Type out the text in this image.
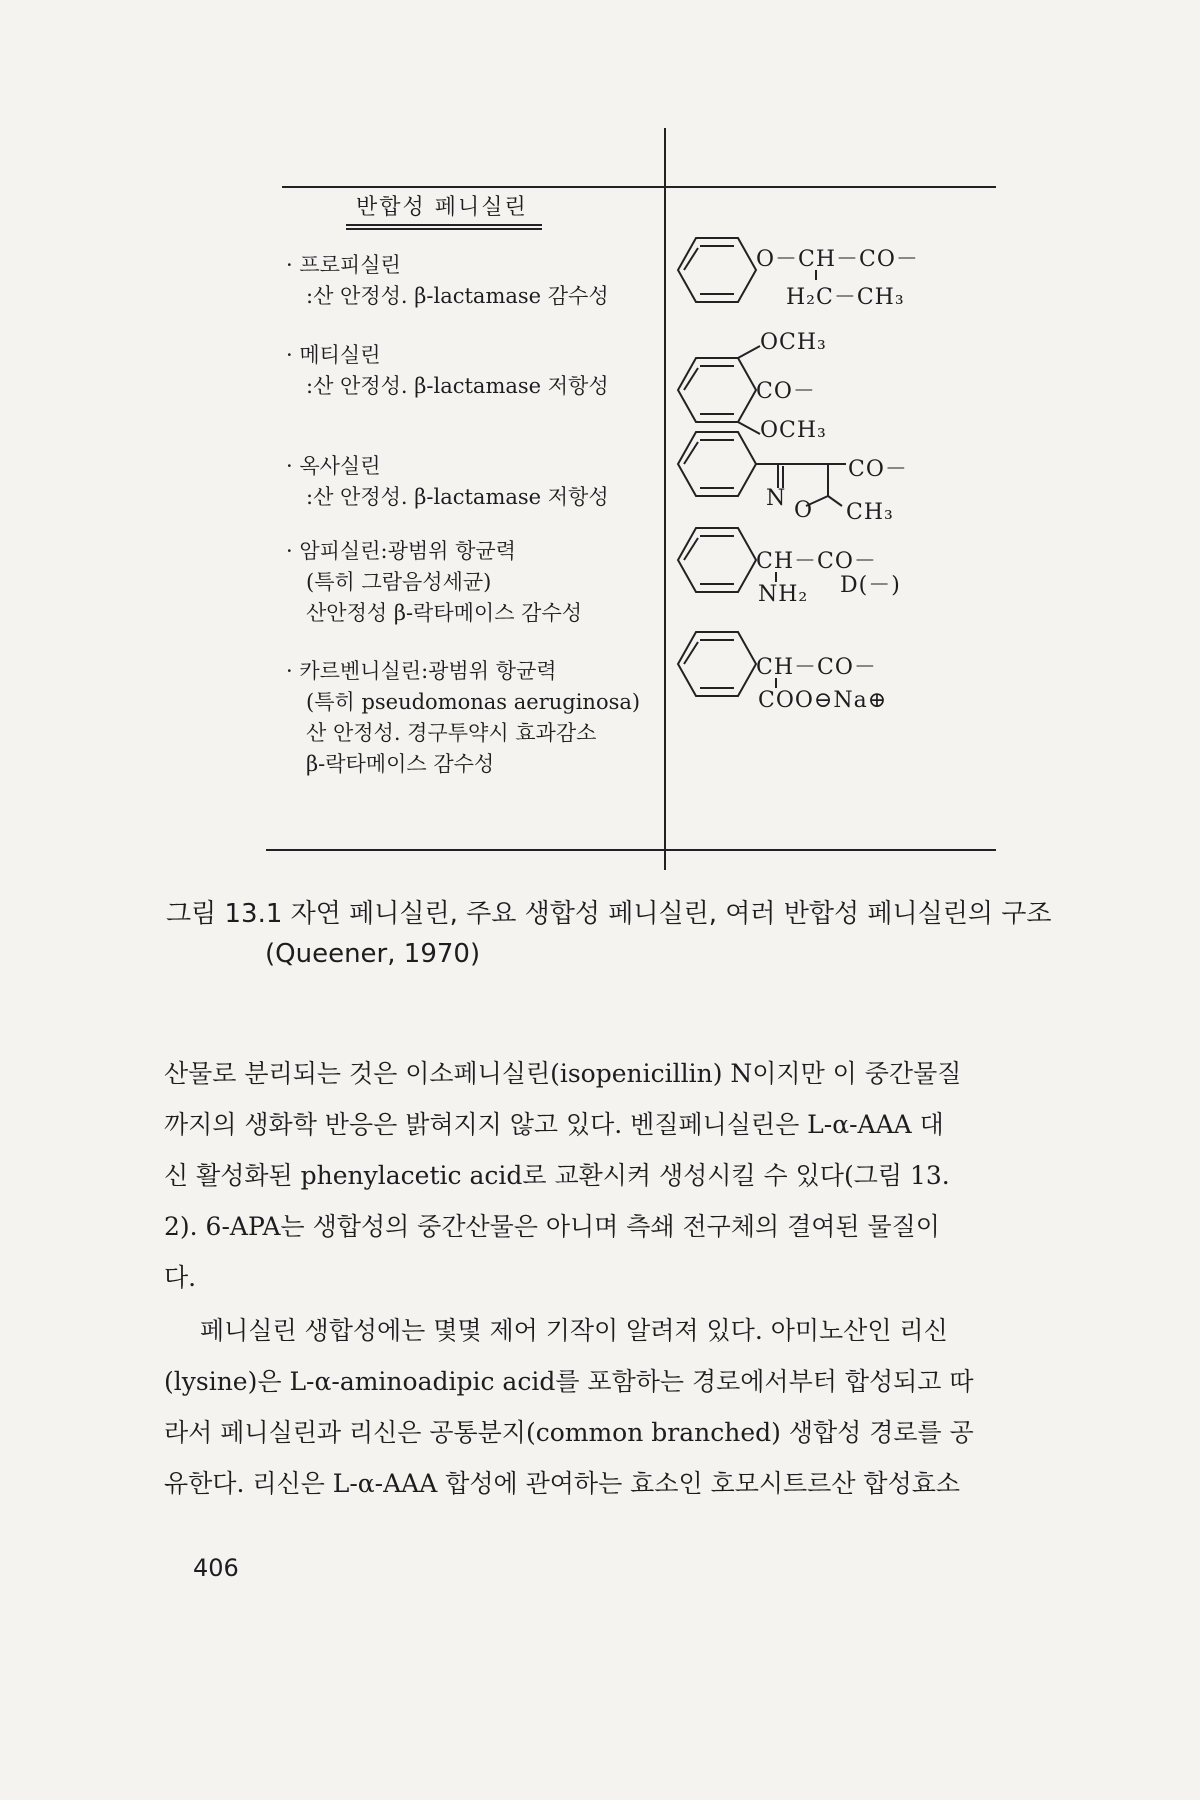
반합성 페니실린
· 프로피실린
:산 안정성. β-lactamase 감수성
· 메티실린
:산 안정성. β-lactamase 저항성
· 옥사실린
:산 안정성. β-lactamase 저항성
· 암피실린:광범위 항균력
(특히 그람음성세균)
산안정성 β-락타메이스 감수성
· 카르벤니실린:광범위 항균력
(특히 pseudomonas aeruginosa)
산 안정성. 경구투약시 효과감소
β-락타메이스 감수성
O－CH－CO－
H₂C－CH₃
OCH₃
CO－
OCH₃
CO－
N O CH₃
CH－CO－
NH₂ D(－)
CH－CO－
COO⊖Na⊕
그림 13.1 자연 페니실린, 주요 생합성 페니실린, 여러 반합성 페니실린의 구조
(Queener, 1970)
산물로 분리되는 것은 이소페니실린(isopenicillin) N이지만 이 중간물질
까지의 생화학 반응은 밝혀지지 않고 있다. 벤질페니실린은 L-α-AAA 대
신 활성화된 phenylacetic acid로 교환시켜 생성시킬 수 있다(그림 13.
2). 6-APA는 생합성의 중간산물은 아니며 측쇄 전구체의 결여된 물질이
다.
페니실린 생합성에는 몇몇 제어 기작이 알려져 있다. 아미노산인 리신
(lysine)은 L-α-aminoadipic acid를 포함하는 경로에서부터 합성되고 따
라서 페니실린과 리신은 공통분지(common branched) 생합성 경로를 공
유한다. 리신은 L-α-AAA 합성에 관여하는 효소인 호모시트르산 합성효소
406
